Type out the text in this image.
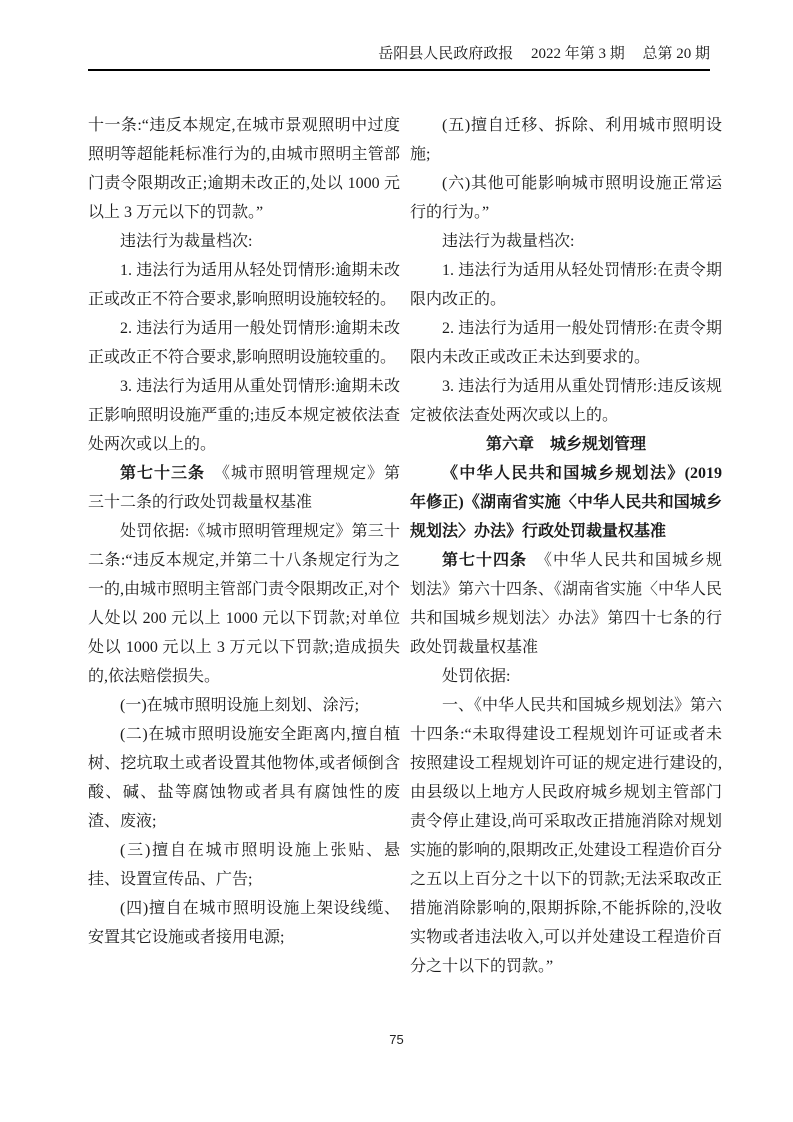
岳阳县人民政府政报 2022 年第 3 期 总第 20 期

十一条:“违反本规定,在城市景观照明中过度照明等超能耗标准行为的,由城市照明主管部门责令限期改正;逾期未改正的,处以 1000 元以上 3 万元以下的罚款。”

违法行为裁量档次:

1. 违法行为适用从轻处罚情形:逾期未改正或改正不符合要求,影响照明设施较轻的。

2. 违法行为适用一般处罚情形:逾期未改正或改正不符合要求,影响照明设施较重的。

3. 违法行为适用从重处罚情形:逾期未改正影响照明设施严重的;违反本规定被依法查处两次或以上的。

第七十三条　《城市照明管理规定》第三十二条的行政处罚裁量权基准

处罚依据:《城市照明管理规定》第三十二条:“违反本规定,并第二十八条规定行为之一的,由城市照明主管部门责令限期改正,对个人处以 200 元以上 1000 元以下罚款;对单位处以 1000 元以上 3 万元以下罚款;造成损失的,依法赔偿损失。

(一)在城市照明设施上刻划、涂污;

(二)在城市照明设施安全距离内,擅自植树、挖坑取土或者设置其他物体,或者倾倒含酸、碱、盐等腐蚀物或者具有腐蚀性的废渣、废液;

(三)擅自在城市照明设施上张贴、悬挂、设置宣传品、广告;

(四)擅自在城市照明设施上架设线缆、安置其它设施或者接用电源;

(五)擅自迁移、拆除、利用城市照明设施;

(六)其他可能影响城市照明设施正常运行的行为。”

违法行为裁量档次:

1. 违法行为适用从轻处罚情形:在责令期限内改正的。

2. 违法行为适用一般处罚情形:在责令期限内未改正或改正未达到要求的。

3. 违法行为适用从重处罚情形:违反该规定被依法查处两次或以上的。

第六章　城乡规划管理

《中华人民共和国城乡规划法》(2019 年修正)《湖南省实施〈中华人民共和国城乡规划法〉办法》行政处罚裁量权基准

第七十四条　《中华人民共和国城乡规划法》第六十四条、《湖南省实施〈中华人民共和国城乡规划法〉办法》第四十七条的行政处罚裁量权基准

处罚依据:

一、《中华人民共和国城乡规划法》第六十四条:“未取得建设工程规划许可证或者未按照建设工程规划许可证的规定进行建设的,由县级以上地方人民政府城乡规划主管部门责令停止建设,尚可采取改正措施消除对规划实施的影响的,限期改正,处建设工程造价百分之五以上百分之十以下的罚款;无法采取改正措施消除影响的,限期拆除,不能拆除的,没收实物或者违法收入,可以并处建设工程造价百分之十以下的罚款。”

75
